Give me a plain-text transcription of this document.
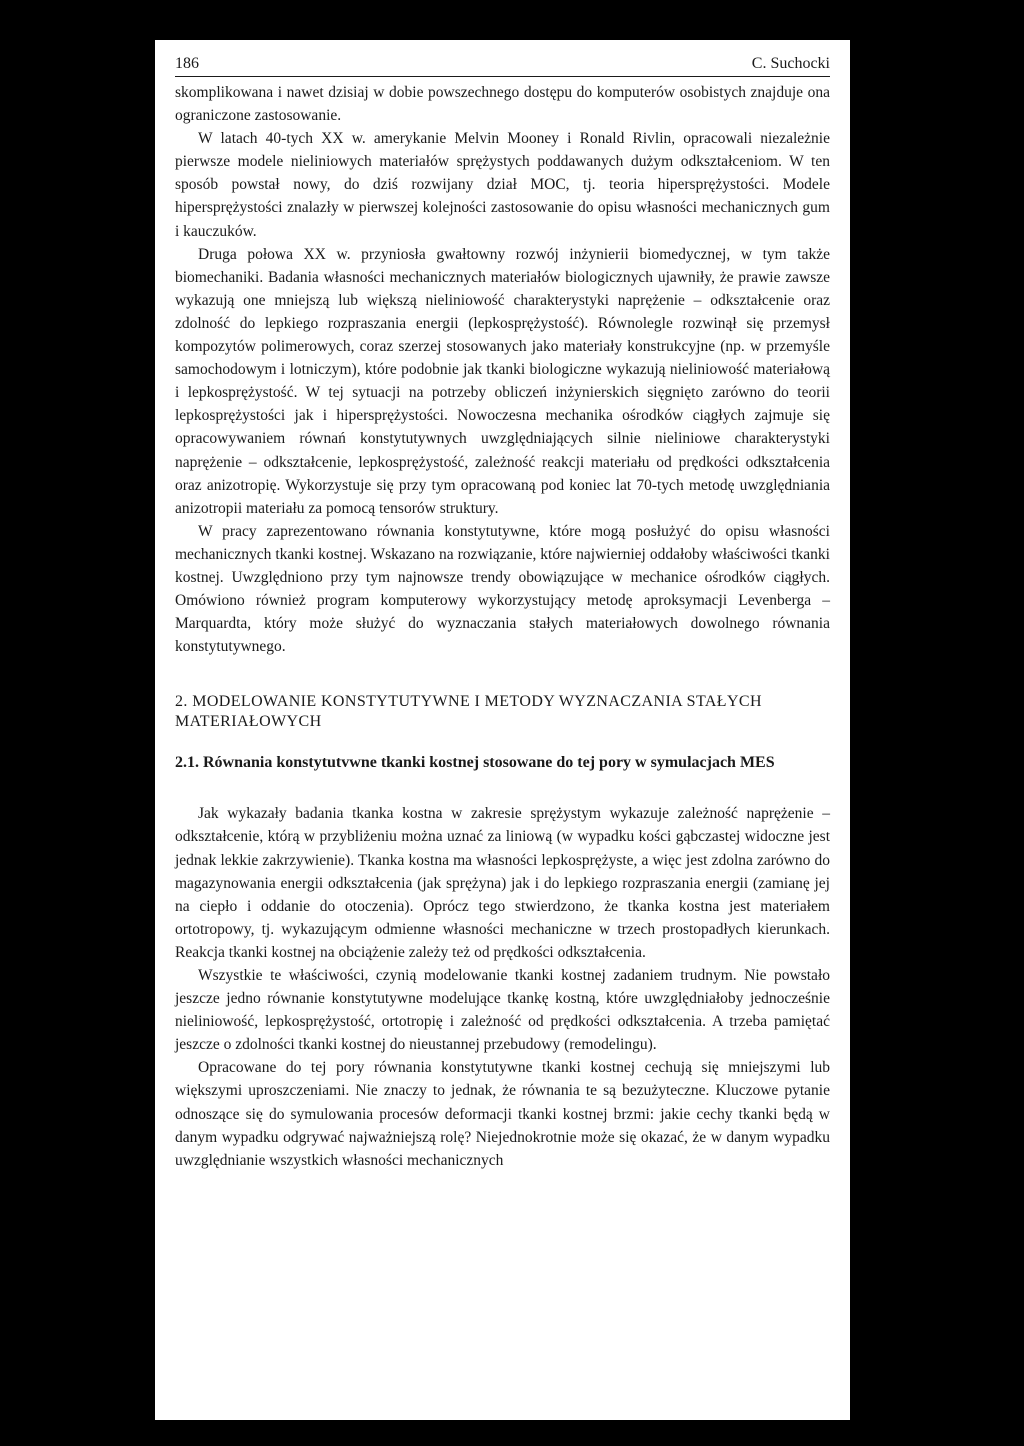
186	C. Suchocki

skomplikowana i nawet dzisiaj w dobie powszechnego dostępu do komputerów osobistych znajduje ona ograniczone zastosowanie.

W latach 40-tych XX w. amerykanie Melvin Mooney i Ronald Rivlin, opracowali niezależnie pierwsze modele nieliniowych materiałów sprężystych poddawanych dużym odkształceniom. W ten sposób powstał nowy, do dziś rozwijany dział MOC, tj. teoria hipersprężystości. Modele hipersprężystości znalazły w pierwszej kolejności zastosowanie do opisu własności mechanicznych gum i kauczuków.

Druga połowa XX w. przyniosła gwałtowny rozwój inżynierii biomedycznej, w tym także biomechaniki. Badania własności mechanicznych materiałów biologicznych ujawniły, że prawie zawsze wykazują one mniejszą lub większą nieliniowość charakterystyki naprężenie – odkształcenie oraz zdolność do lepkiego rozpraszania energii (lepkosprężystość). Równolegle rozwinął się przemysł kompozytów polimerowych, coraz szerzej stosowanych jako materiały konstrukcyjne (np. w przemyśle samochodowym i lotniczym), które podobnie jak tkanki biologiczne wykazują nieliniowość materiałową i lepkosprężystość. W tej sytuacji na potrzeby obliczeń inżynierskich sięgnięto zarówno do teorii lepkosprężystości jak i hipersprężystości. Nowoczesna mechanika ośrodków ciągłych zajmuje się opracowywaniem równań konstytutywnych uwzględniających silnie nieliniowe charakterystyki naprężenie – odkształcenie, lepkosprężystość, zależność reakcji materiału od prędkości odkształcenia oraz anizotropię. Wykorzystuje się przy tym opracowaną pod koniec lat 70-tych metodę uwzględniania anizotropii materiału za pomocą tensorów struktury.

W pracy zaprezentowano równania konstytutywne, które mogą posłużyć do opisu własności mechanicznych tkanki kostnej. Wskazano na rozwiązanie, które najwierniej oddałoby właściwości tkanki kostnej. Uwzględniono przy tym najnowsze trendy obowiązujące w mechanice ośrodków ciągłych. Omówiono również program komputerowy wykorzystujący metodę aproksymacji Levenberga – Marquardta, który może służyć do wyznaczania stałych materiałowych dowolnego równania konstytutywnego.

2. MODELOWANIE KONSTYTUTYWNE I METODY WYZNACZANIA STAŁYCH MATERIAŁOWYCH
2.1. Równania konstytutvwne tkanki kostnej stosowane do tej pory w symulacjach MES

Jak wykazały badania tkanka kostna w zakresie sprężystym wykazuje zależność naprężenie – odkształcenie, którą w przybliżeniu można uznać za liniową (w wypadku kości gąbczastej widoczne jest jednak lekkie zakrzywienie). Tkanka kostna ma własności lepkosprężyste, a więc jest zdolna zarówno do magazynowania energii odkształcenia (jak sprężyna) jak i do lepkiego rozpraszania energii (zamianę jej na ciepło i oddanie do otoczenia). Oprócz tego stwierdzono, że tkanka kostna jest materiałem ortotropowy, tj. wykazującym odmienne własności mechaniczne w trzech prostopadłych kierunkach. Reakcja tkanki kostnej na obciążenie zależy też od prędkości odkształcenia.

Wszystkie te właściwości, czynią modelowanie tkanki kostnej zadaniem trudnym. Nie powstało jeszcze jedno równanie konstytutywne modelujące tkankę kostną, które uwzględniałoby jednocześnie nieliniowość, lepkosprężystość, ortotropię i zależność od prędkości odkształcenia. A trzeba pamiętać jeszcze o zdolności tkanki kostnej do nieustannej przebudowy (remodelingu).

Opracowane do tej pory równania konstytutywne tkanki kostnej cechują się mniejszymi lub większymi uproszczeniami. Nie znaczy to jednak, że równania te są bezużyteczne. Kluczowe pytanie odnoszące się do symulowania procesów deformacji tkanki kostnej brzmi: jakie cechy tkanki będą w danym wypadku odgrywać najważniejszą rolę? Niejednokrotnie może się okazać, że w danym wypadku uwzględnianie wszystkich własności mechanicznych
